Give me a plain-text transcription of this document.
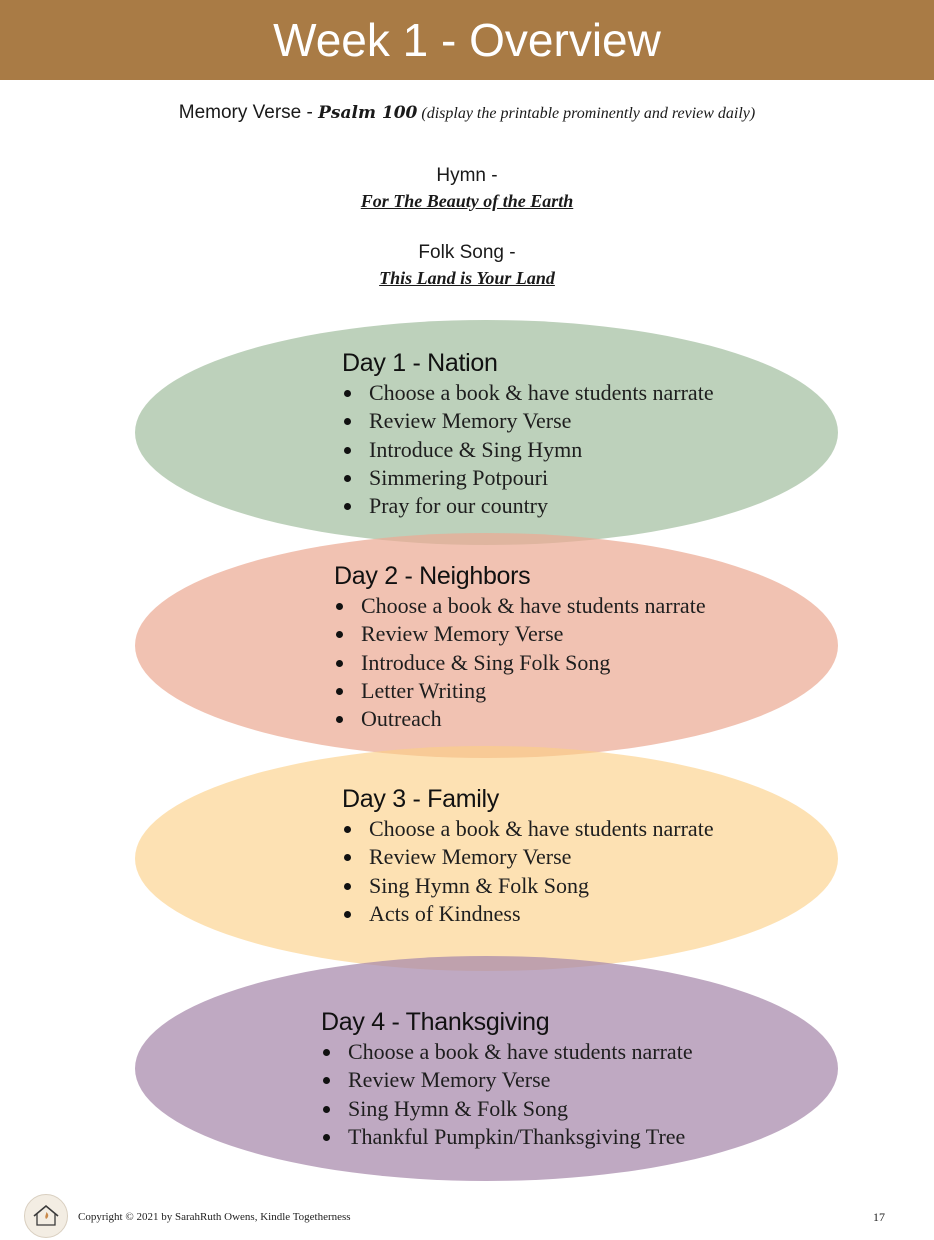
Week 1 - Overview
Memory Verse - Psalm 100 (display the printable prominently and review daily)
Hymn -
For The Beauty of the Earth
Folk Song -
This Land is Your Land
Day 1 - Nation
Choose a book & have students narrate
Review Memory Verse
Introduce & Sing Hymn
Simmering Potpouri
Pray for our country
Day 2 - Neighbors
Choose a book & have students narrate
Review Memory Verse
Introduce & Sing Folk Song
Letter Writing
Outreach
Day 3 - Family
Choose a book & have students narrate
Review Memory Verse
Sing Hymn & Folk Song
Acts of Kindness
Day 4 - Thanksgiving
Choose a book & have students narrate
Review Memory Verse
Sing Hymn & Folk Song
Thankful Pumpkin/Thanksgiving Tree
Copyright © 2021 by SarahRuth Owens, Kindle Togetherness	17
